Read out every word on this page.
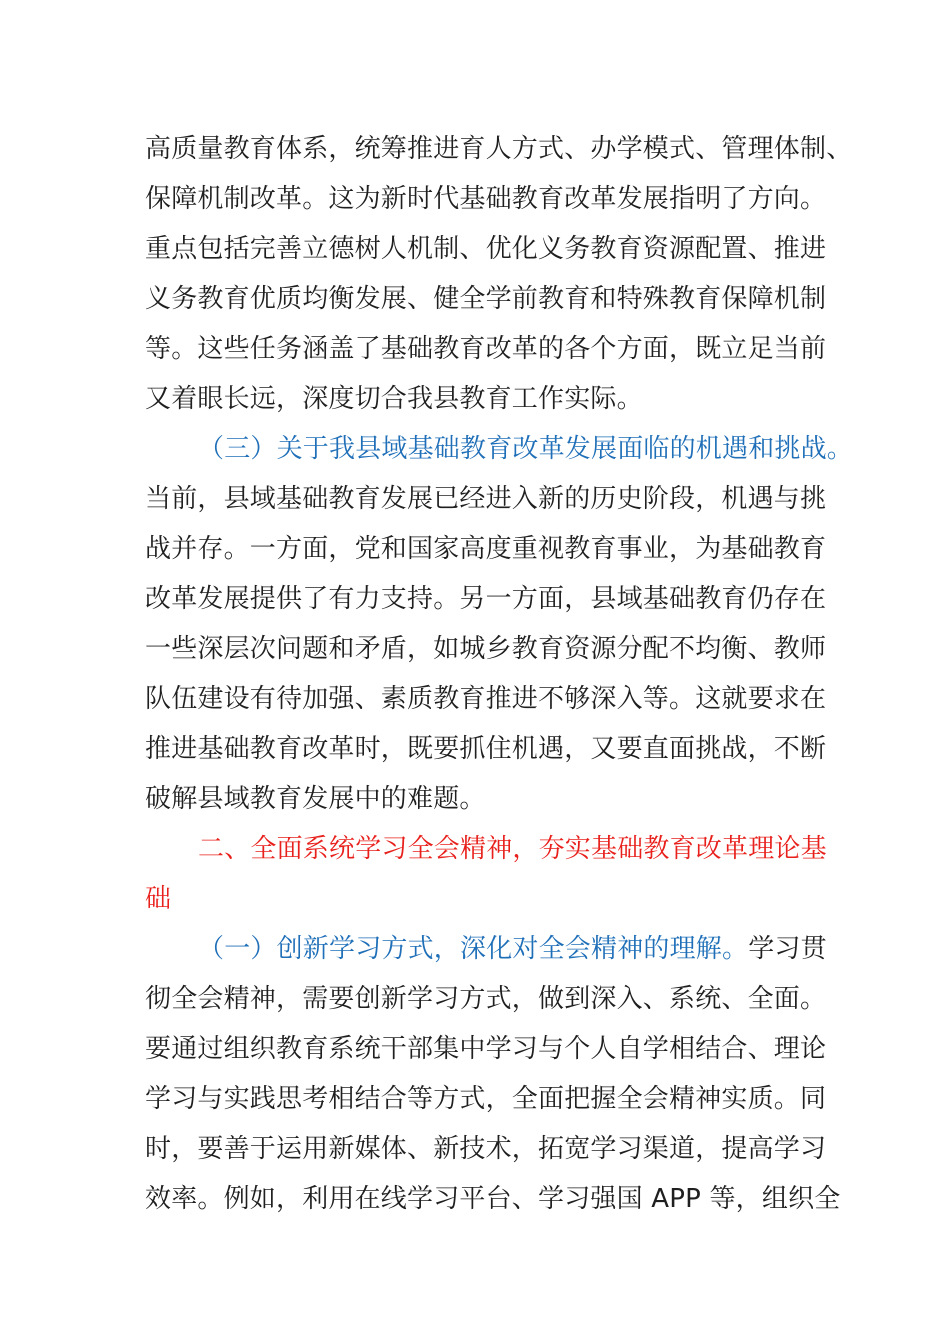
高质量教育体系，统筹推进育人方式、办学模式、管理体制、
保障机制改革。这为新时代基础教育改革发展指明了方向。
重点包括完善立德树人机制、优化义务教育资源配置、推进
义务教育优质均衡发展、健全学前教育和特殊教育保障机制
等。这些任务涵盖了基础教育改革的各个方面，既立足当前
又着眼长远，深度切合我县教育工作实际。
（三）关于我县域基础教育改革发展面临的机遇和挑战。
当前，县域基础教育发展已经进入新的历史阶段，机遇与挑
战并存。一方面，党和国家高度重视教育事业，为基础教育
改革发展提供了有力支持。另一方面，县域基础教育仍存在
一些深层次问题和矛盾，如城乡教育资源分配不均衡、教师
队伍建设有待加强、素质教育推进不够深入等。这就要求在
推进基础教育改革时，既要抓住机遇，又要直面挑战，不断
破解县域教育发展中的难题。
二、全面系统学习全会精神，夯实基础教育改革理论基
础
（一）创新学习方式，深化对全会精神的理解。学习贯
彻全会精神，需要创新学习方式，做到深入、系统、全面。
要通过组织教育系统干部集中学习与个人自学相结合、理论
学习与实践思考相结合等方式，全面把握全会精神实质。同
时，要善于运用新媒体、新技术，拓宽学习渠道，提高学习
效率。例如，利用在线学习平台、学习强国 APP 等，组织全
